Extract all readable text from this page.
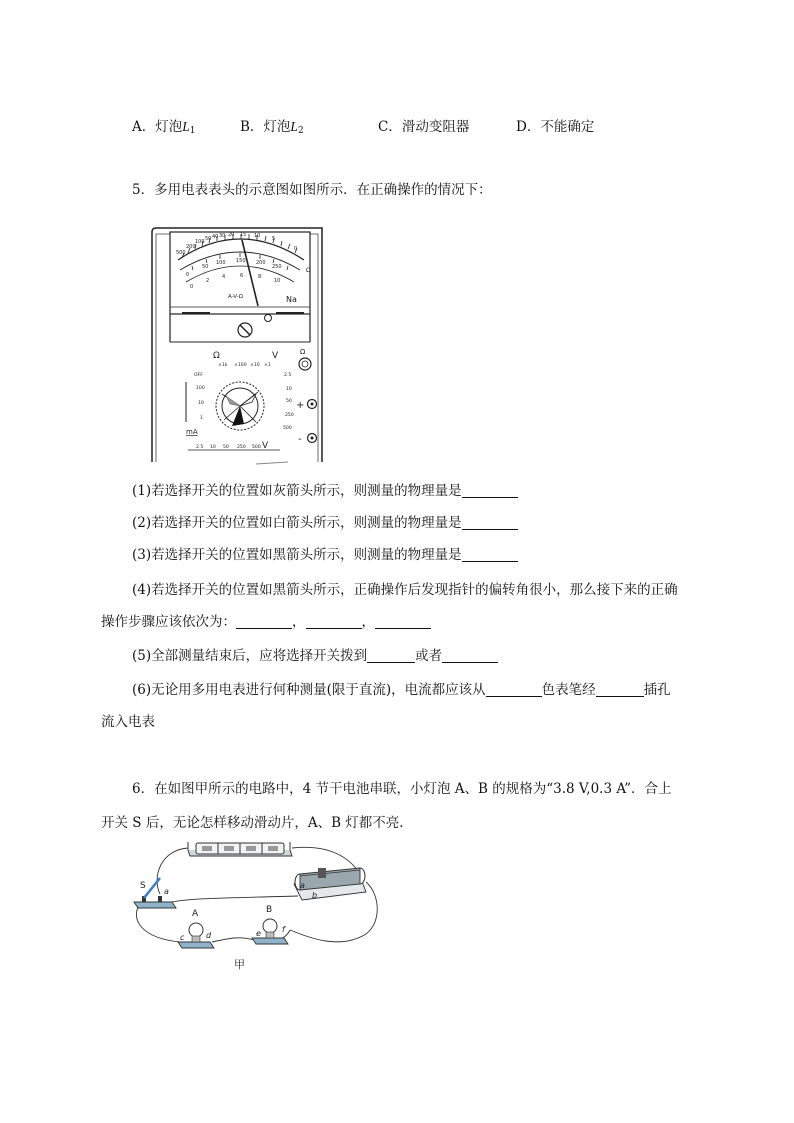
A．灯泡$L_1$	B．灯泡$L_2$	C．滑动变阻器	D．不能确定
5．多用电表表头的示意图如图所示．在正确操作的情况下：
500
200
100 50 40 30 20 15 10 5
0
0
50
100 150 200
250
0
2
4	6	8
10
Ω
A-V-Ω	Na
Ω	V
×1k ×100 ×10 ×1
2.5
10
50
250
500
OFF
100
10
1
2.5 10 50 250 500
mA
V
Ω
+
-
(1)若选择开关的位置如灰箭头所示，则测量的物理量是
(2)若选择开关的位置如白箭头所示，则测量的物理量是
(3)若选择开关的位置如黑箭头所示，则测量的物理量是
(4)若选择开关的位置如黑箭头所示，正确操作后发现指针的偏转角很小，那么接下来的正确
操作步骤应该依次为：	，	，
(5)全部测量结束后，应将选择开关拨到	或者
(6)无论用多用电表进行何种测量(限于直流)，电流都应该从	色表笔经	插孔
流入电表
6．在如图甲所示的电路中，4 节干电池串联，小灯泡 A、B 的规格为“3.8 V,0.3 A”．合上
开关 S 后，无论怎样移动滑动片，A、B 灯都不亮．
a
b
S
a
A
c	d
B
e	f
甲
